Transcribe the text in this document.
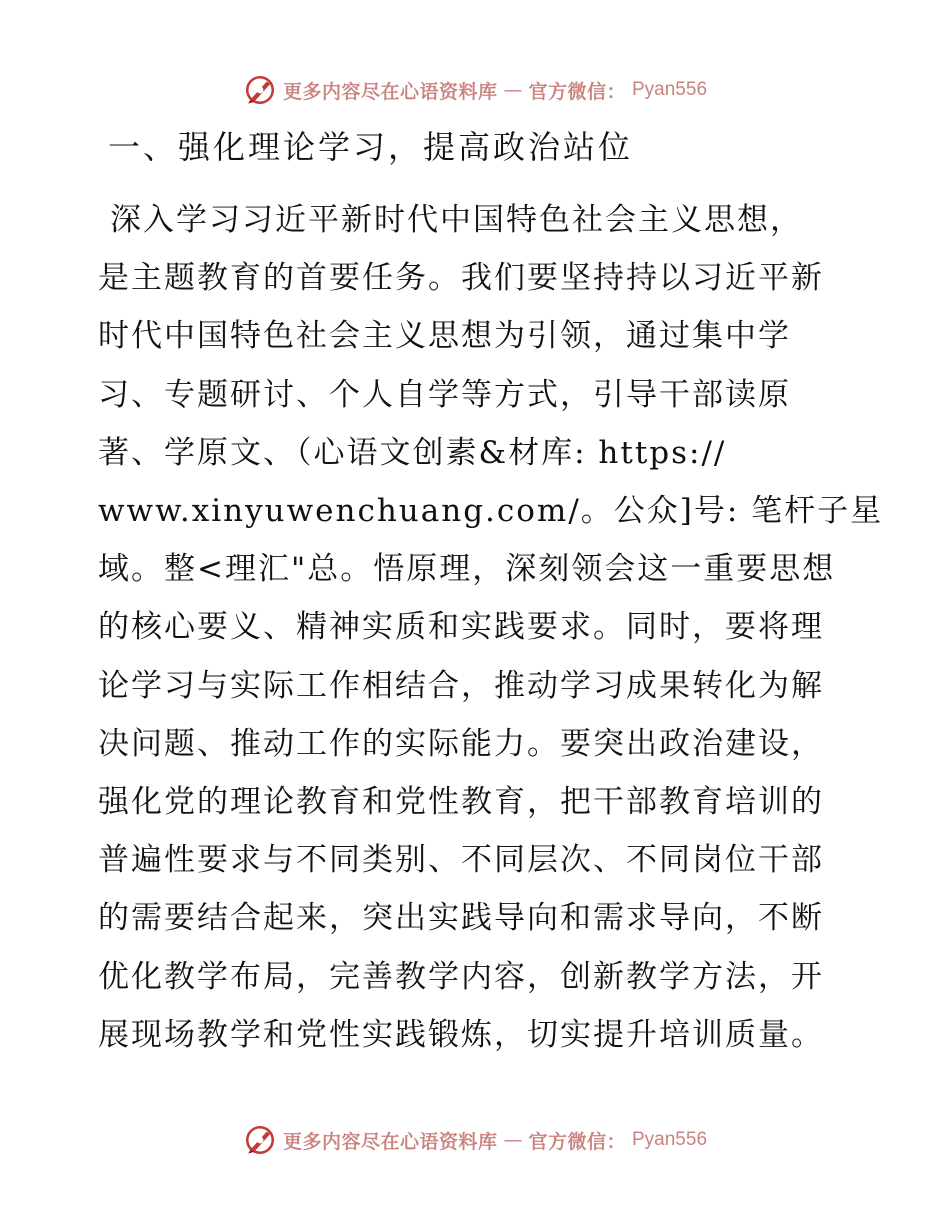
更多内容尽在心语资料库 — 官方微信： Pyan556
一、强化理论学习，提高政治站位
深入学习习近平新时代中国特色社会主义思想，
是主题教育的首要任务。我们要坚持持以习近平新
时代中国特色社会主义思想为引领，通过集中学
习、专题研讨、个人自学等方式，引导干部读原
著、学原文、（心语文创素&材库: https://
www.xinyuwenchuang.com/。公众]号: 笔杆子星
域。整<理汇"总。悟原理，深刻领会这一重要思想
的核心要义、精神实质和实践要求。同时，要将理
论学习与实际工作相结合，推动学习成果转化为解
决问题、推动工作的实际能力。要突出政治建设，
强化党的理论教育和党性教育，把干部教育培训的
普遍性要求与不同类别、不同层次、不同岗位干部
的需要结合起来，突出实践导向和需求导向，不断
优化教学布局，完善教学内容，创新教学方法，开
展现场教学和党性实践锻炼，切实提升培训质量。
更多内容尽在心语资料库 — 官方微信： Pyan556
